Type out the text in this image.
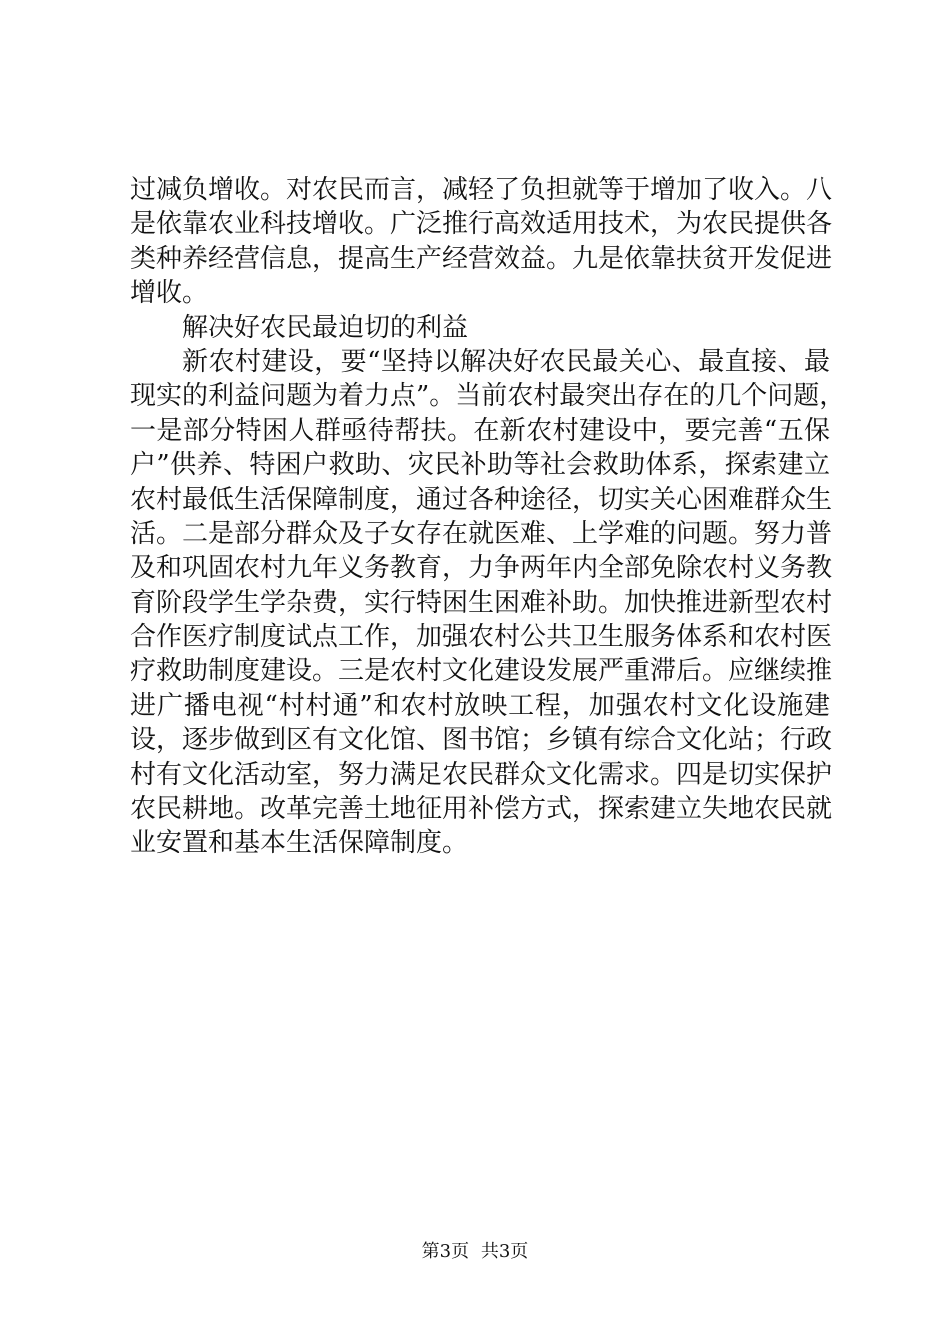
过减负增收。对农民而言，减轻了负担就等于增加了收入。八
是依靠农业科技增收。广泛推行高效适用技术，为农民提供各
类种养经营信息，提高生产经营效益。九是依靠扶贫开发促进
增收。
解决好农民最迫切的利益
新农村建设，要“坚持以解决好农民最关心、最直接、最
现实的利益问题为着力点”。当前农村最突出存在的几个问题，
一是部分特困人群亟待帮扶。在新农村建设中，要完善“五保
户”供养、特困户救助、灾民补助等社会救助体系，探索建立
农村最低生活保障制度，通过各种途径，切实关心困难群众生
活。二是部分群众及子女存在就医难、上学难的问题。努力普
及和巩固农村九年义务教育，力争两年内全部免除农村义务教
育阶段学生学杂费，实行特困生困难补助。加快推进新型农村
合作医疗制度试点工作，加强农村公共卫生服务体系和农村医
疗救助制度建设。三是农村文化建设发展严重滞后。应继续推
进广播电视“村村通”和农村放映工程，加强农村文化设施建
设，逐步做到区有文化馆、图书馆；乡镇有综合文化站；行政
村有文化活动室，努力满足农民群众文化需求。四是切实保护
农民耕地。改革完善土地征用补偿方式，探索建立失地农民就
业安置和基本生活保障制度。
第3页 共3页
